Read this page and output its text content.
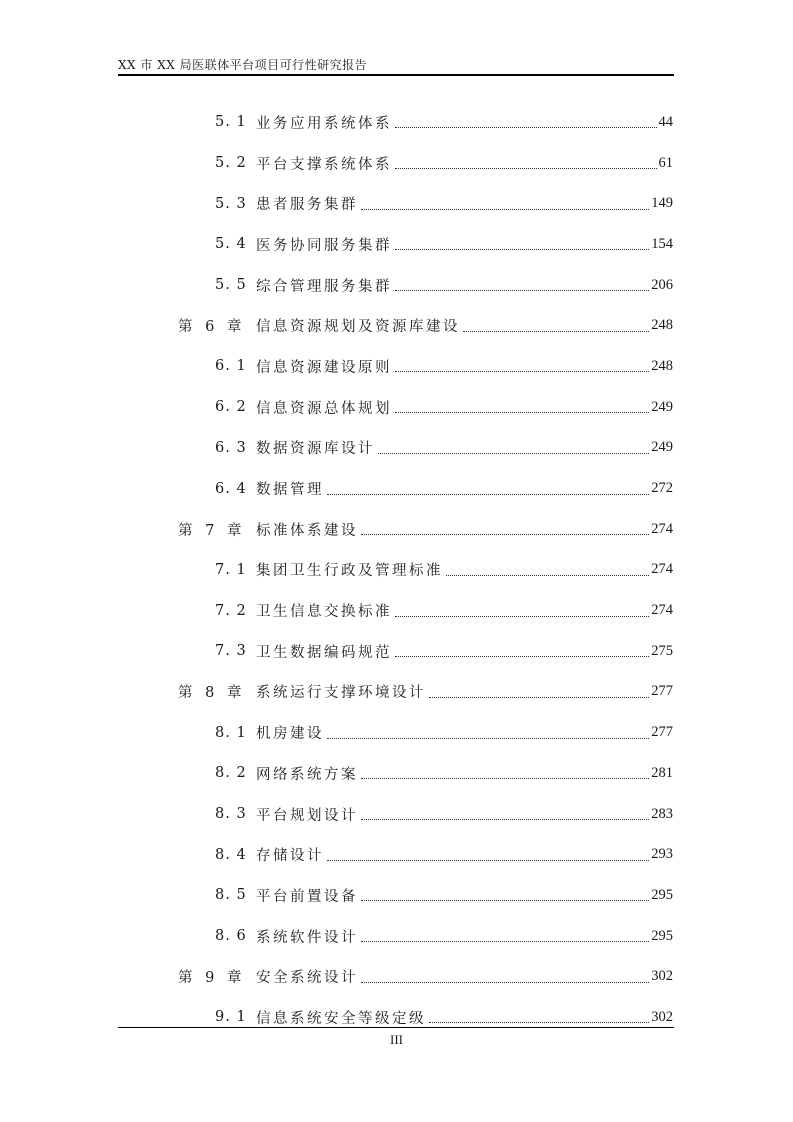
XX 市 XX 局医联体平台项目可行性研究报告
5. 1 业务应用系统体系	44
5. 2 平台支撑系统体系	61
5. 3 患者服务集群	149
5. 4 医务协同服务集群	154
5. 5 综合管理服务集群	206
第 6 章 信息资源规划及资源库建设	248
6. 1 信息资源建设原则	248
6. 2 信息资源总体规划	249
6. 3 数据资源库设计	249
6. 4 数据管理	272
第 7 章 标准体系建设	274
7. 1 集团卫生行政及管理标准	274
7. 2 卫生信息交换标准	274
7. 3 卫生数据编码规范	275
第 8 章 系统运行支撑环境设计	277
8. 1 机房建设	277
8. 2 网络系统方案	281
8. 3 平台规划设计	283
8. 4 存储设计	293
8. 5 平台前置设备	295
8. 6 系统软件设计	295
第 9 章 安全系统设计	302
9. 1 信息系统安全等级定级	302
III
